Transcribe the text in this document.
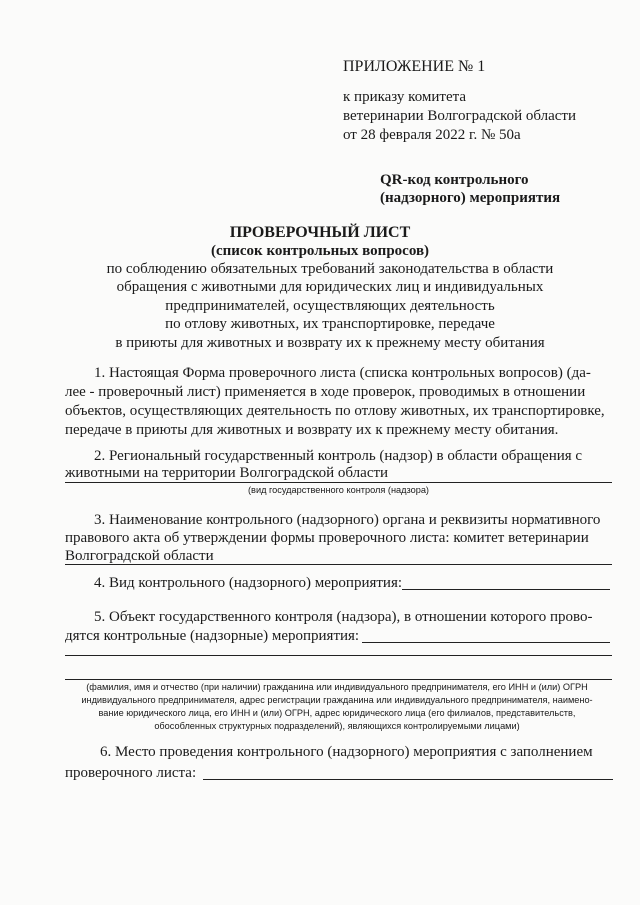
ПРИЛОЖЕНИЕ № 1
к приказу комитета
ветеринарии Волгоградской области
от 28 февраля 2022 г. № 50а
QR-код контрольного
(надзорного) мероприятия
ПРОВЕРОЧНЫЙ ЛИСТ
(список контрольных вопросов)
по соблюдению обязательных требований законодательства в области
обращения с животными для юридических лиц и индивидуальных
предпринимателей, осуществляющих деятельность
по отлову животных, их транспортировке, передаче
в приюты для животных и возврату их к прежнему месту обитания
1. Настоящая Форма проверочного листа (списка контрольных вопросов) (да-
лее - проверочный лист) применяется в ходе проверок, проводимых в отношении
объектов, осуществляющих деятельность по отлову животных, их транспортировке,
передаче в приюты для животных и возврату их к прежнему месту обитания.
2. Региональный государственный контроль (надзор) в области обращения с
животными на территории Волгоградской области
(вид государственного контроля (надзора)
3. Наименование контрольного (надзорного) органа и реквизиты нормативного
правового акта об утверждении формы проверочного листа: комитет ветеринарии
Волгоградской области
4. Вид контрольного (надзорного) мероприятия:
5. Объект государственного контроля (надзора), в отношении которого прово-
дятся контрольные (надзорные) мероприятия:
(фамилия, имя и отчество (при наличии) гражданина или индивидуального предпринимателя, его ИНН и (или) ОГРН
индивидуального предпринимателя, адрес регистрации гражданина или индивидуального предпринимателя, наимено-
вание юридического лица, его ИНН и (или) ОГРН, адрес юридического лица (его филиалов, представительств,
обособленных структурных подразделений), являющихся контролируемыми лицами)
6. Место проведения контрольного (надзорного) мероприятия с заполнением
проверочного листа:
